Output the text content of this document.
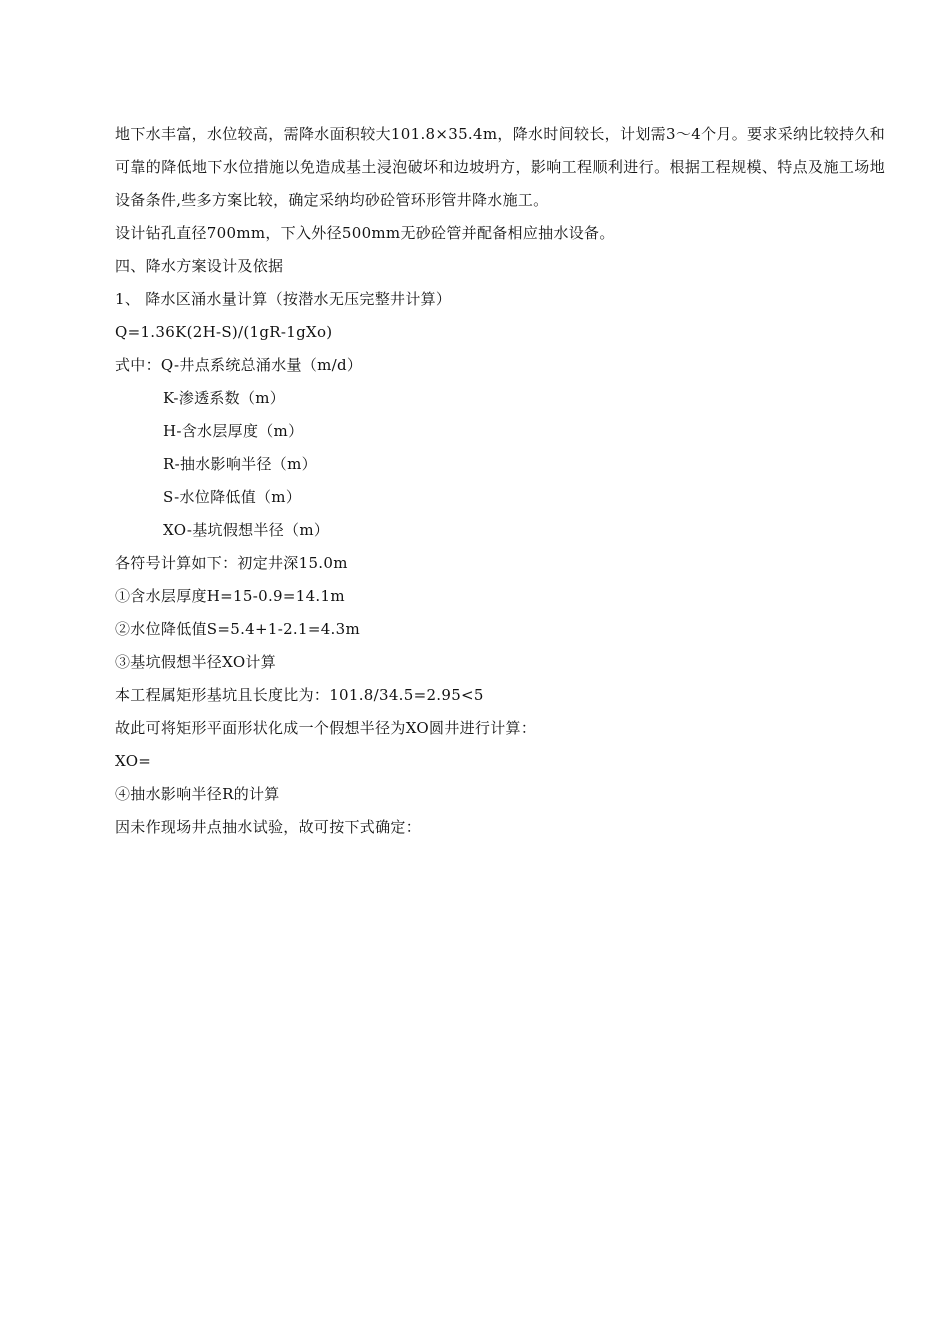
地下水丰富，水位较高，需降水面积较大101.8×35.4m，降水时间较长，计划需3～4个月。要求采纳比较持久和可靠的降低地下水位措施以免造成基土浸泡破坏和边坡坍方，影响工程顺利进行。根据工程规模、特点及施工场地设备条件,些多方案比较，确定采纳均砂砼管环形管井降水施工。

设计钻孔直径700mm，下入外径500mm无砂砼管并配备相应抽水设备。

四、降水方案设计及依据

1、 降水区涌水量计算（按潜水无压完整井计算）

Q=1.36K(2H-S)/(1gR-1gXo)

式中：Q-井点系统总涌水量（m/d）

K-渗透系数（m）

H-含水层厚度（m）

R-抽水影响半径（m）

S-水位降低值（m）

XO-基坑假想半径（m）

各符号计算如下：初定井深15.0m

①含水层厚度H=15-0.9=14.1m

②水位降低值S=5.4+1-2.1=4.3m

③基坑假想半径XO计算

本工程属矩形基坑且长度比为：101.8/34.5=2.95<5

故此可将矩形平面形状化成一个假想半径为XO圆井进行计算：

XO=

④抽水影响半径R的计算

因未作现场井点抽水试验，故可按下式确定：
